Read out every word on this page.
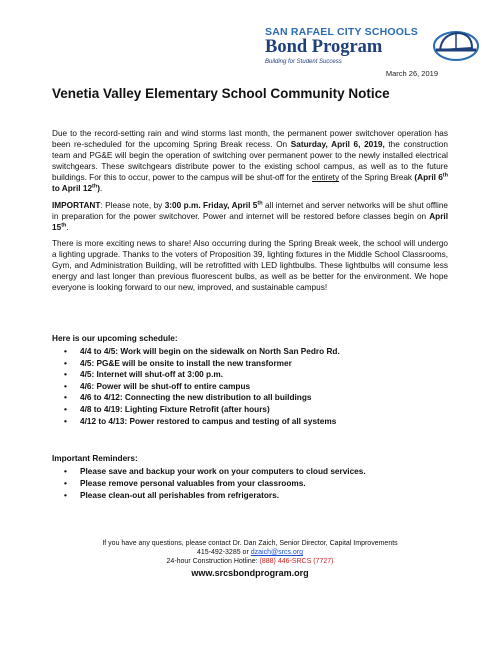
SAN RAFAEL CITY SCHOOLS
Bond Program
Building for Student Success
March 26, 2019
Venetia Valley Elementary School Community Notice

Due to the record-setting rain and wind storms last month, the permanent power switchover operation has been re-scheduled for the upcoming Spring Break recess. On Saturday, April 6, 2019, the construction team and PG&E will begin the operation of switching over permanent power to the newly installed electrical switchgears. These switchgears distribute power to the existing school campus, as well as to the future buildings. For this to occur, power to the campus will be shut-off for the entirety of the Spring Break (April 6th to April 12th).

IMPORTANT: Please note, by 3:00 p.m. Friday, April 5th all internet and server networks will be shut offline in preparation for the power switchover. Power and internet will be restored before classes begin on April 15th.

There is more exciting news to share! Also occurring during the Spring Break week, the school will undergo a lighting upgrade. Thanks to the voters of Proposition 39, lighting fixtures in the Middle School Classrooms, Gym, and Administration Building, will be retrofitted with LED lightbulbs. These lightbulbs will consume less energy and last longer than previous fluorescent bulbs, as well as be better for the environment. We hope everyone is looking forward to our new, improved, and sustainable campus!

Here is our upcoming schedule:
• 4/4 to 4/5: Work will begin on the sidewalk on North San Pedro Rd.
• 4/5: PG&E will be onsite to install the new transformer
• 4/5: Internet will shut-off at 3:00 p.m.
• 4/6: Power will be shut-off to entire campus
• 4/6 to 4/12: Connecting the new distribution to all buildings
• 4/8 to 4/19: Lighting Fixture Retrofit (after hours)
• 4/12 to 4/13: Power restored to campus and testing of all systems
Important Reminders:
• Please save and backup your work on your computers to cloud services.
• Please remove personal valuables from your classrooms.
• Please clean-out all perishables from refrigerators.
If you have any questions, please contact Dr. Dan Zaich, Senior Director, Capital Improvements
415-492-3285 or dzaich@srcs.org
24-hour Construction Hotline: (888) 446-SRCS (7727)
www.srcsbondprogram.org
